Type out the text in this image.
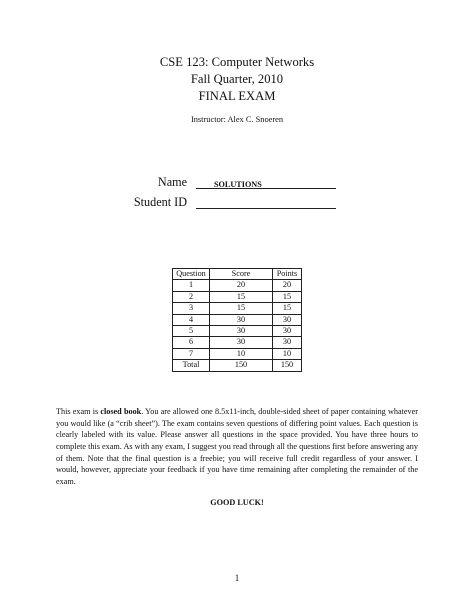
CSE 123: Computer Networks
Fall Quarter, 2010
FINAL EXAM
Instructor: Alex C. Snoeren
Name	SOLUTIONS
Student ID
Question	Score	Points
1	20	20
2	15	15
3	15	15
4	30	30
5	30	30
6	30	30
7	10	10
Total	150	150

This exam is closed book. You are allowed one 8.5x11-inch, double-sided sheet of paper containing whatever you would like (a “crib sheet”). The exam contains seven questions of differing point values. Each question is clearly labeled with its value. Please answer all questions in the space provided. You have three hours to complete this exam. As with any exam, I suggest you read through all the questions first before answering any of them. Note that the final question is a freebie; you will receive full credit regardless of your answer. I would, however, appreciate your feedback if you have time remaining after completing the remainder of the exam.

GOOD LUCK!
1
